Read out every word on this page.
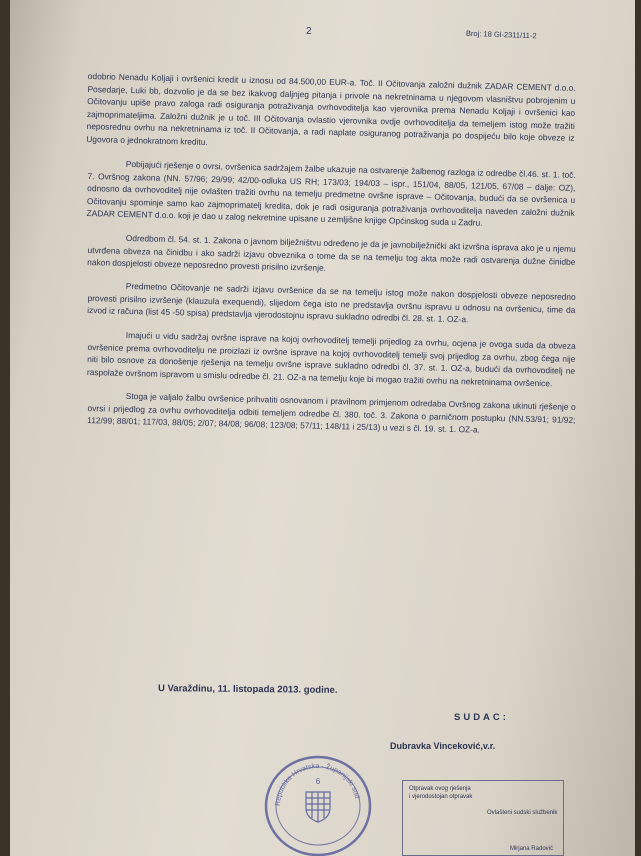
2	Broj: 18 Gl-2311/11-2

odobrio Nenadu Koljaji i ovršenici kredit u iznosu od 84.500,00 EUR-a. Toč. II Očitovanja založni dužnik ZADAR CEMENT d.o.o. Posedarje, Luki bb, dozvolio je da se bez ikakvog daljnjeg pitanja i privole na nekretninama u njegovom vlasništvu pobrojenim u Očitovanju upiše pravo zaloga radi osiguranja potraživanja ovrhovoditelja kao vjerovnika prema Nenadu Koljaji i ovršenici kao zajmoprimateljima. Založni dužnik je u toč. III Očitovanja ovlastio vjerovnika ovdje ovrhovoditelja da temeljem istog može tražiti neposrednu ovrhu na nekretninama iz toč. II Očitovanja, a radi naplate osiguranog potraživanja po dospijeću bilo koje obveze iz Ugovora o jednokratnom kreditu.

Pobijajući rješenje o ovrsi, ovršenica sadržajem žalbe ukazuje na ostvarenje žalbenog razloga iz odredbe čl.46. st. 1. toč. 7. Ovršnog zakona (NN. 57/96; 29/99; 42/00-odluka US RH; 173/03; 194/03 – ispr., 151/04, 88/05, 121/05, 67/08 – dalje: OZ), odnosno da ovrhovoditelj nije ovlašten tražiti ovrhu na temelju predmetne ovršne isprave – Očitovanja, budući da se ovršenica u Očitovanju spominje samo kao zajmoprimatelj kredita, dok je radi osiguranja potraživanja ovrhovoditelja naveden založni dužnik ZADAR CEMENT d.o.o. koji je dao u zalog nekretnine upisane u zemljišne knjige Općinskog suda u Zadru.

Odredbom čl. 54. st. 1. Zakona o javnom bilježništvu određeno je da je javnobilježnički akt izvršna isprava ako je u njemu utvrđena obveza na činidbu i ako sadrži izjavu obveznika o tome da se na temelju tog akta može radi ostvarenja dužne činidbe nakon dospjelosti obveze neposredno provesti prisilno izvršenje.

Predmetno Očitovanje ne sadrži izjavu ovršenice da se na temelju istog može nakon dospjelosti obveze neposredno provesti prisilno izvršenje (klauzula exequendi), slijedom čega isto ne predstavlja ovršnu ispravu u odnosu na ovršenicu, time da izvod iz računa (list 45 -50 spisa) predstavlja vjerodostojnu ispravu sukladno odredbi čl. 28. st. 1. OZ-a.

Imajući u vidu sadržaj ovršne isprave na kojoj ovrhovoditelj temelji prijedlog za ovrhu, ocjena je ovoga suda da obveza ovršenice prema ovrhovoditelju ne proizlazi iz ovršne isprave na kojoj ovrhovoditelj temelji svoj prijedlog za ovrhu, zbog čega nije niti bilo osnove za donošenje rješenja na temelju ovršne isprave sukladno odredbi čl. 37. st. 1. OZ-a, budući da ovrhovoditelj ne raspolaže ovršnom ispravom u smislu odredbe čl. 21. OZ-a na temelju koje bi mogao tražiti ovrhu na nekretninama ovršenice.

Stoga je valjalo žalbu ovršenice prihvatiti osnovanom i pravilnom primjenom odredaba Ovršnog zakona ukinuti rješenje o ovrsi i prijedlog za ovrhu ovrhovoditelja odbiti temeljem odredbe čl. 380. toč. 3. Zakona o parničnom postupku (NN.53/91; 91/92; 112/99; 88/01; 117/03, 88/05; 2/07; 84/08; 96/08; 123/08; 57/11; 148/11 i 25/13) u vezi s čl. 19. st. 1. OZ-a.

U Varaždinu, 11. listopada 2013. godine.
SUDAC:
Dubravka Vinceković,v.r.
Republika Hrvatska · Županijski sud
6
Otpravak ovog rješenja
i vjerodostojan otpravak
Ovlašteni sudski službenik
Mirjana Radović
